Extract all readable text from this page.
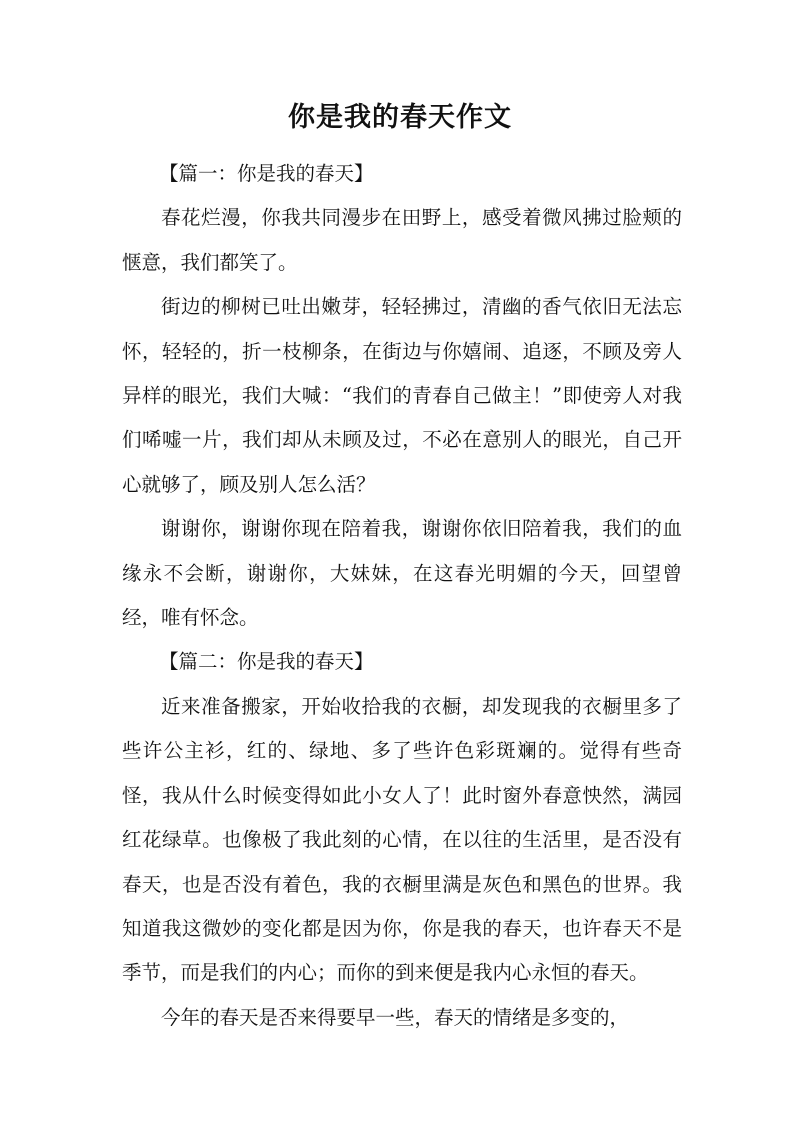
你是我的春天作文

【篇一：你是我的春天】

春花烂漫，你我共同漫步在田野上，感受着微风拂过脸颊的惬意，我们都笑了。

街边的柳树已吐出嫩芽，轻轻拂过，清幽的香气依旧无法忘怀，轻轻的，折一枝柳条，在街边与你嬉闹、追逐，不顾及旁人异样的眼光，我们大喊：“我们的青春自己做主！”即使旁人对我们唏嘘一片，我们却从未顾及过，不必在意别人的眼光，自己开心就够了，顾及别人怎么活？

谢谢你，谢谢你现在陪着我，谢谢你依旧陪着我，我们的血缘永不会断，谢谢你，大妹妹，在这春光明媚的今天，回望曾经，唯有怀念。

【篇二：你是我的春天】

近来准备搬家，开始收拾我的衣橱，却发现我的衣橱里多了些许公主衫，红的、绿地、多了些许色彩斑斓的。觉得有些奇怪，我从什么时候变得如此小女人了！此时窗外春意怏然，满园红花绿草。也像极了我此刻的心情，在以往的生活里，是否没有春天，也是否没有着色，我的衣橱里满是灰色和黑色的世界。我知道我这微妙的变化都是因为你，你是我的春天，也许春天不是季节，而是我们的内心；而你的到来便是我内心永恒的春天。

今年的春天是否来得要早一些，春天的情绪是多变的，
